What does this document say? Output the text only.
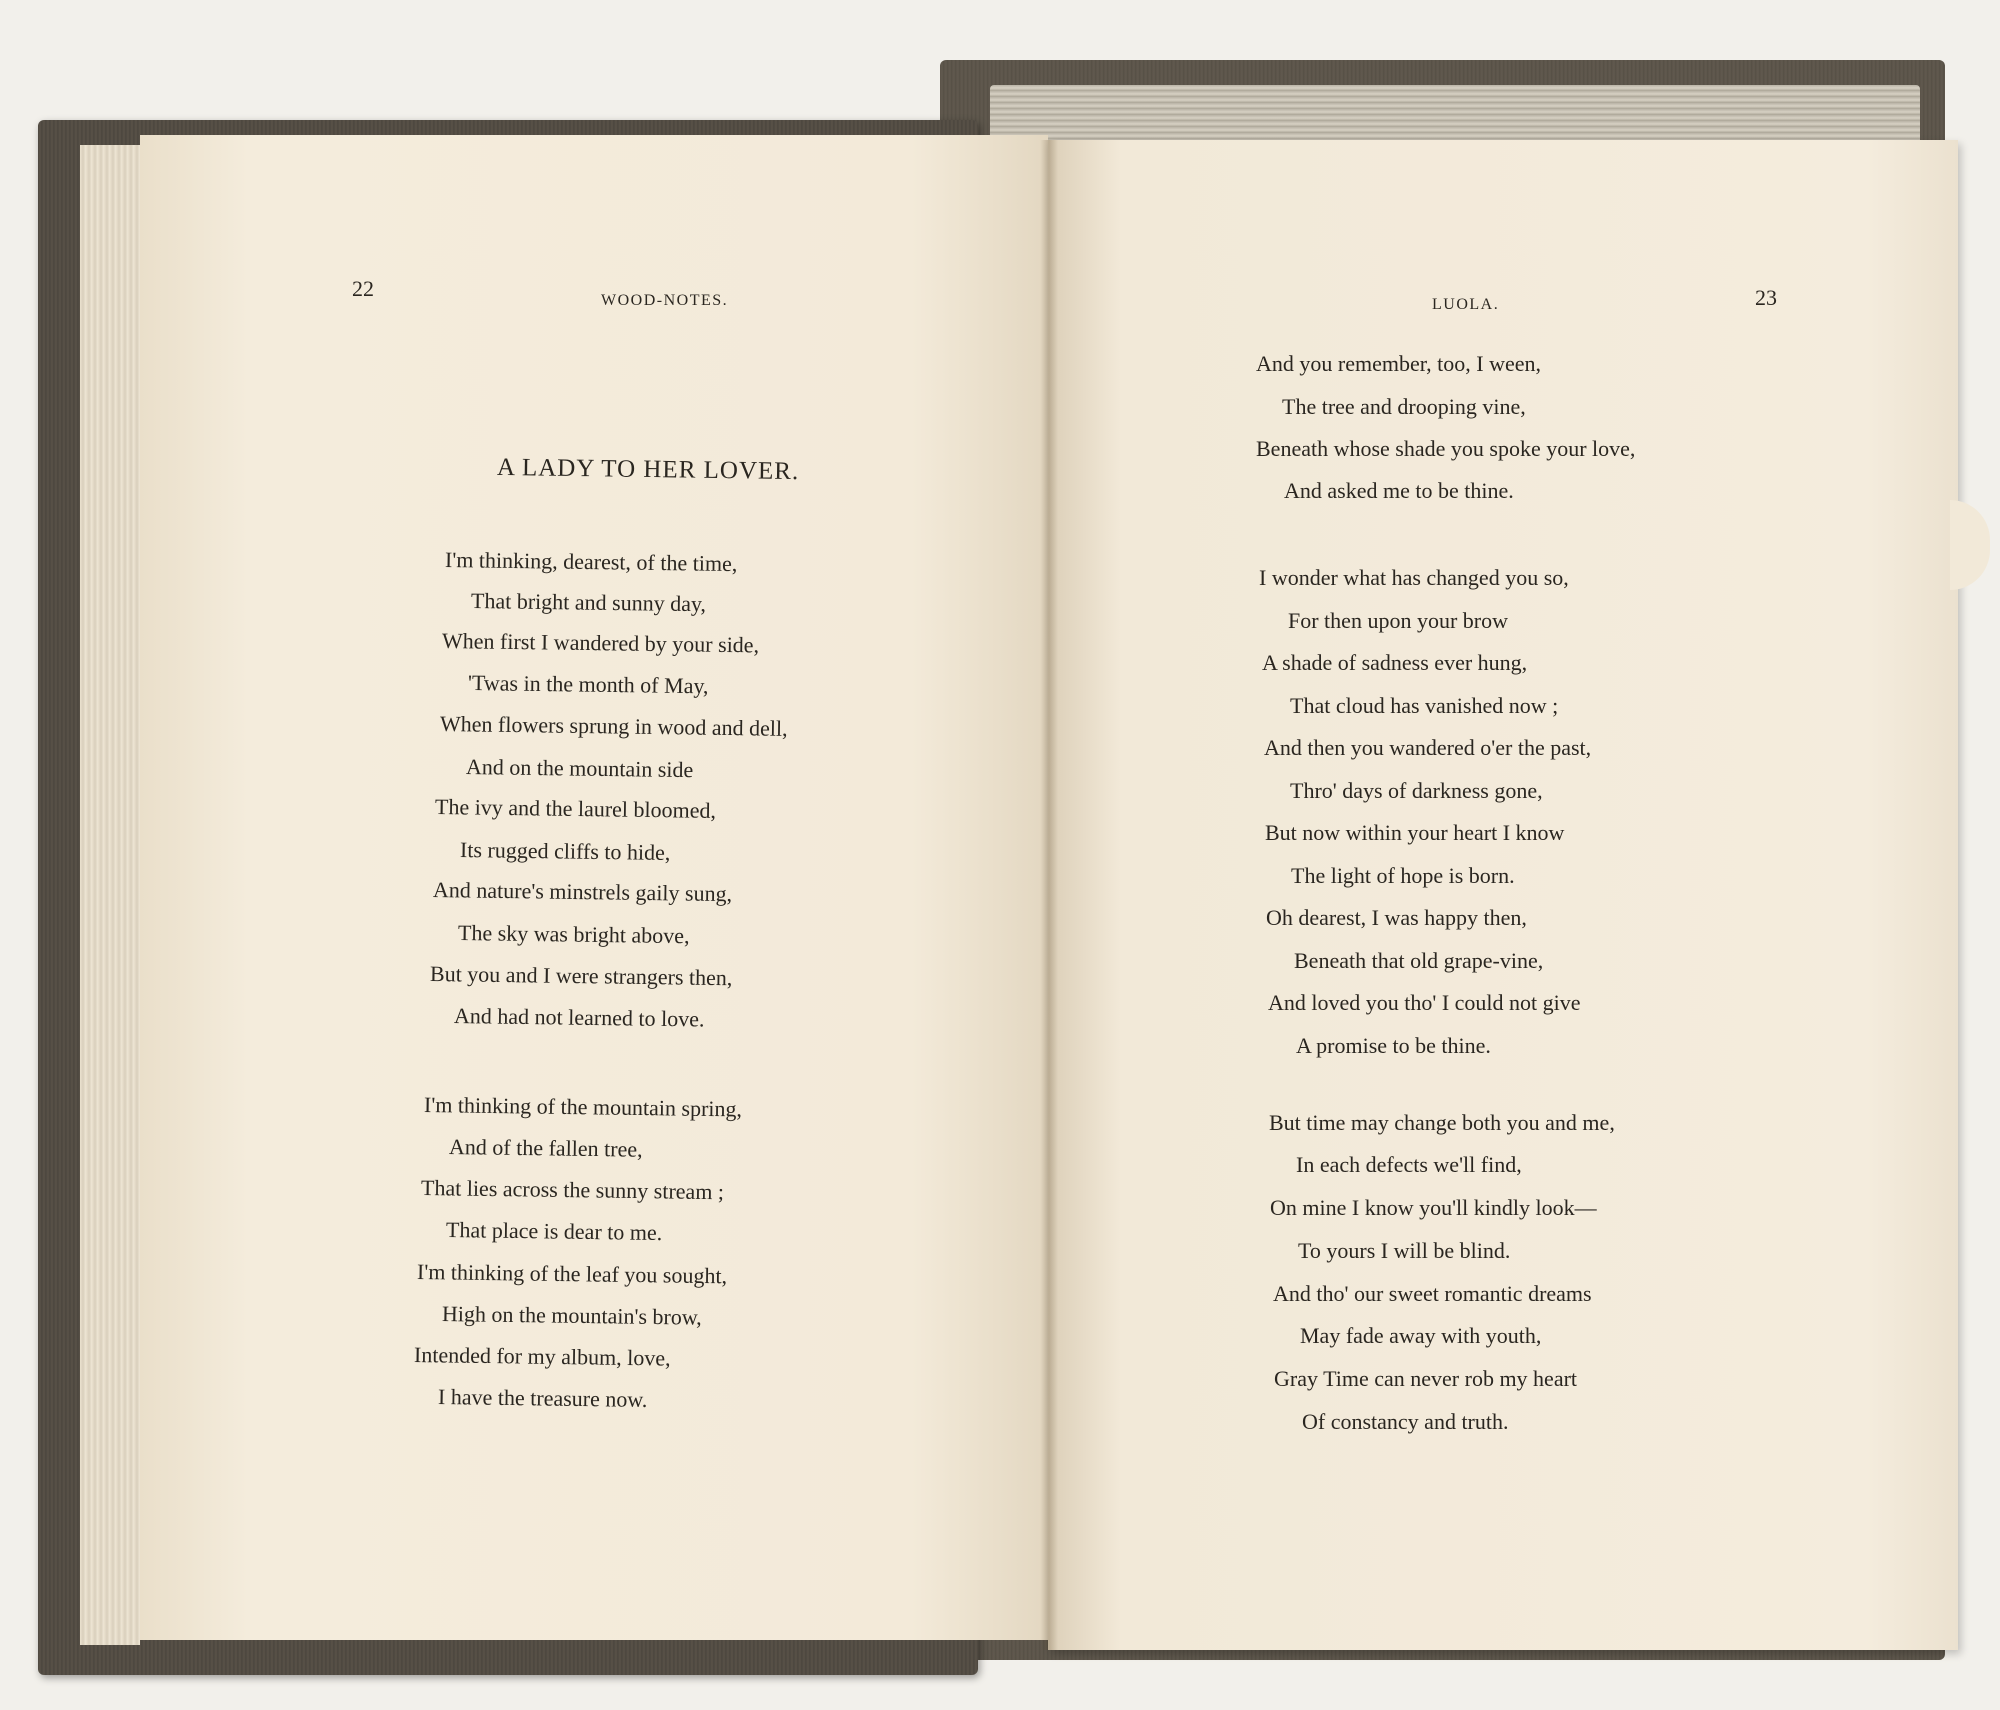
22	WOOD-NOTES.
A LADY TO HER LOVER.
I'm thinking, dearest, of the time,
That bright and sunny day,
When first I wandered by your side,
'Twas in the month of May,
When flowers sprung in wood and dell,
And on the mountain side
The ivy and the laurel bloomed,
Its rugged cliffs to hide,
And nature's minstrels gaily sung,
The sky was bright above,
But you and I were strangers then,
And had not learned to love.
I'm thinking of the mountain spring,
And of the fallen tree,
That lies across the sunny stream ;
That place is dear to me.
I'm thinking of the leaf you sought,
High on the mountain's brow,
Intended for my album, love,
I have the treasure now.
LUOLA.	23
And you remember, too, I ween,
The tree and drooping vine,
Beneath whose shade you spoke your love,
And asked me to be thine.
I wonder what has changed you so,
For then upon your brow
A shade of sadness ever hung,
That cloud has vanished now ;
And then you wandered o'er the past,
Thro' days of darkness gone,
But now within your heart I know
The light of hope is born.
Oh dearest, I was happy then,
Beneath that old grape-vine,
And loved you tho' I could not give
A promise to be thine.
But time may change both you and me,
In each defects we'll find,
On mine I know you'll kindly look—
To yours I will be blind.
And tho' our sweet romantic dreams
May fade away with youth,
Gray Time can never rob my heart
Of constancy and truth.
